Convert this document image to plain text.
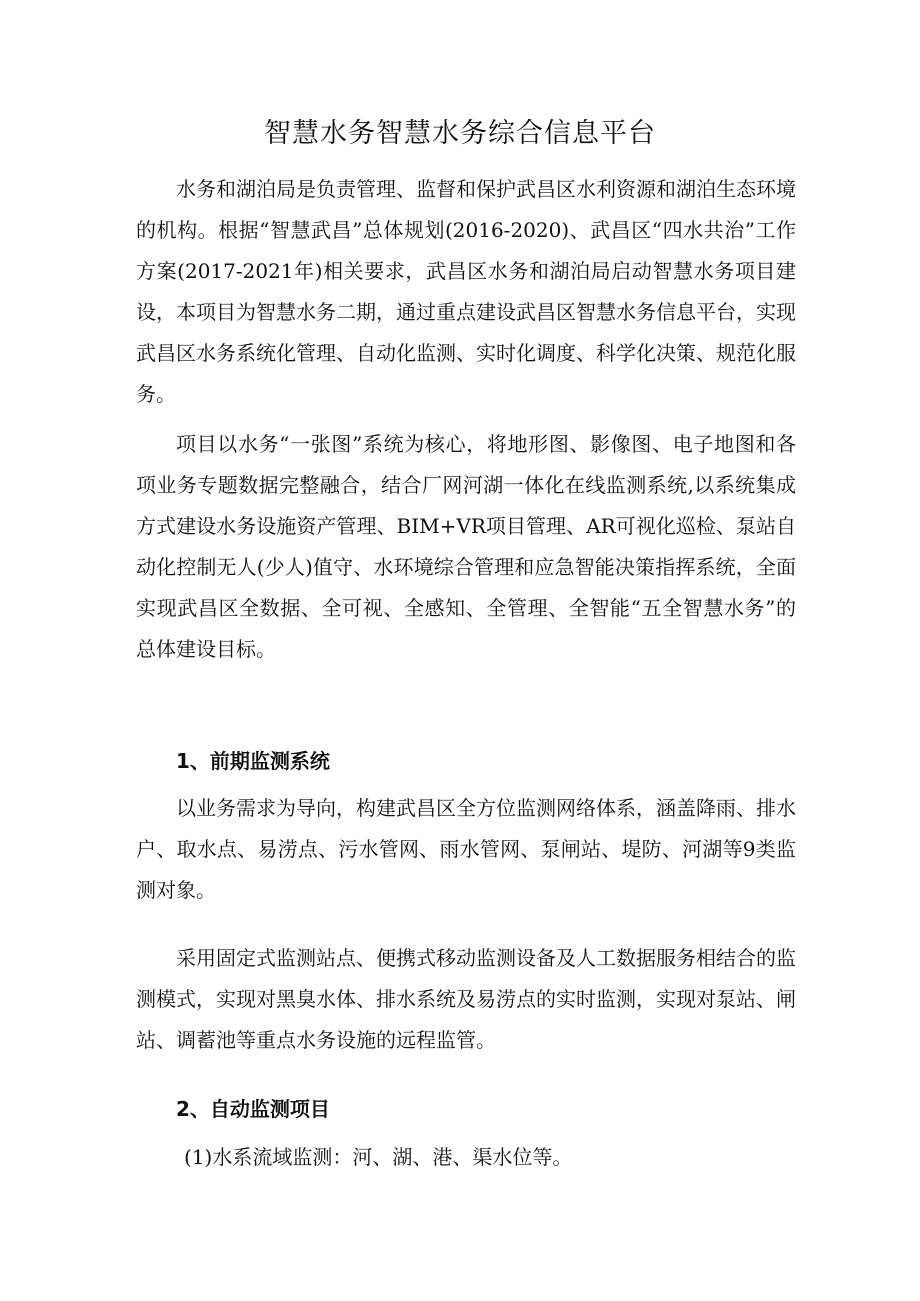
智慧水务智慧水务综合信息平台

水务和湖泊局是负责管理、监督和保护武昌区水利资源和湖泊生态环境的机构。根据“智慧武昌”总体规划(2016-2020)、武昌区“四水共治”工作方案(2017-2021年)相关要求，武昌区水务和湖泊局启动智慧水务项目建设，本项目为智慧水务二期，通过重点建设武昌区智慧水务信息平台，实现武昌区水务系统化管理、自动化监测、实时化调度、科学化决策、规范化服务。

项目以水务“一张图”系统为核心，将地形图、影像图、电子地图和各项业务专题数据完整融合，结合厂网河湖一体化在线监测系统,以系统集成方式建设水务设施资产管理、BIM+VR项目管理、AR可视化巡检、泵站自动化控制无人(少人)值守、水环境综合管理和应急智能决策指挥系统，全面实现武昌区全数据、全可视、全感知、全管理、全智能“五全智慧水务”的总体建设目标。

1、前期监测系统

以业务需求为导向，构建武昌区全方位监测网络体系，涵盖降雨、排水户、取水点、易涝点、污水管网、雨水管网、泵闸站、堤防、河湖等9类监测对象。

采用固定式监测站点、便携式移动监测设备及人工数据服务相结合的监测模式，实现对黑臭水体、排水系统及易涝点的实时监测，实现对泵站、闸站、调蓄池等重点水务设施的远程监管。

2、自动监测项目

(1)水系流域监测：河、湖、港、渠水位等。
